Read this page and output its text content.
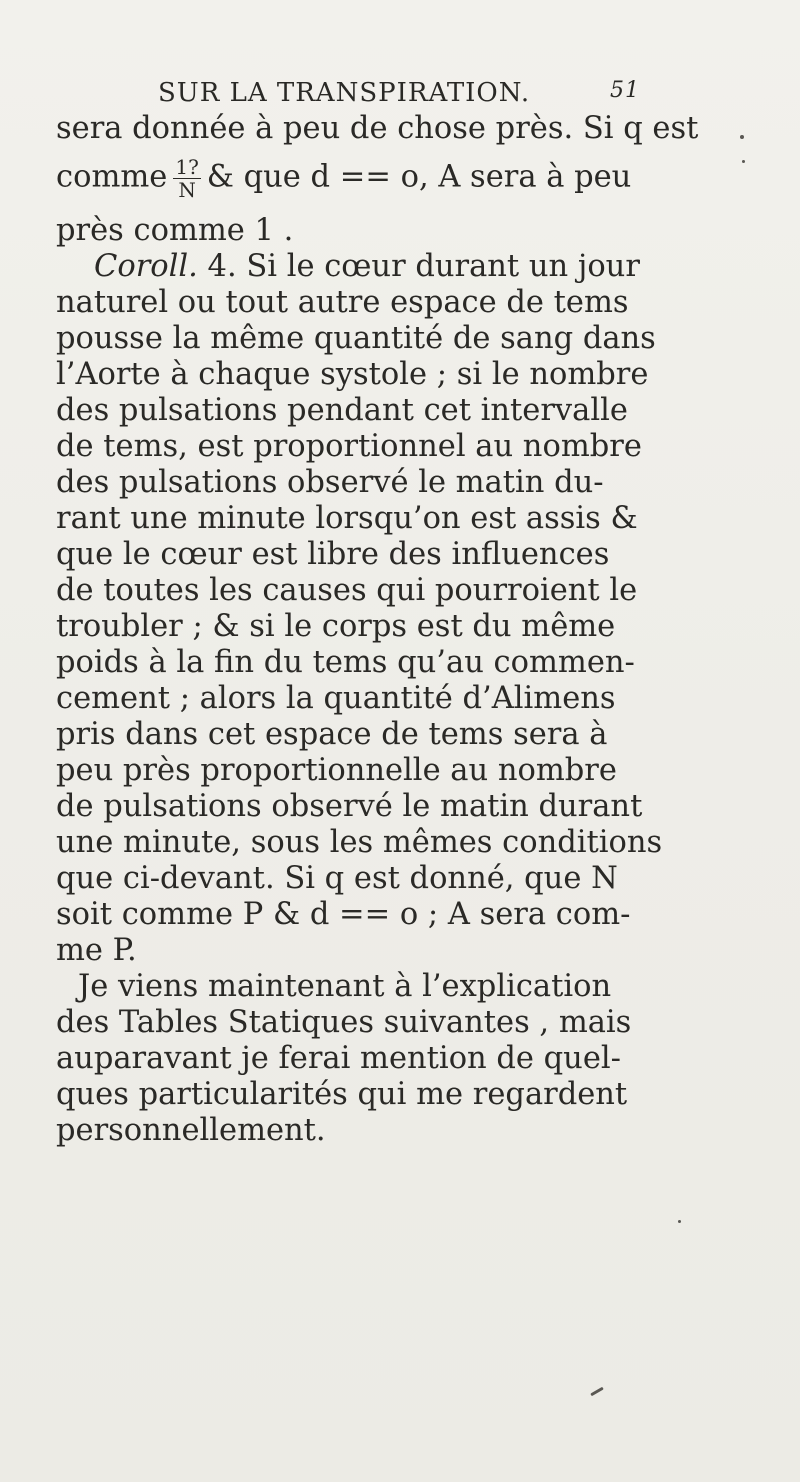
SUR LA TRANSPIRATION.	51
sera donnée à peu de chose près. Si q est
comme $\frac{1?}{N}$ & que d == o, A sera à peu
près comme 1 .
Coroll. 4. Si le cœur durant un jour
naturel ou tout autre espace de tems
pousse la même quantité de sang dans
l’Aorte à chaque systole ; si le nombre
des pulsations pendant cet intervalle
de tems, est proportionnel au nombre
des pulsations observé le matin du-
rant une minute lorsqu’on est assis &
que le cœur est libre des influences
de toutes les causes qui pourroient le
troubler ; & si le corps est du même
poids à la fin du tems qu’au commen-
cement ; alors la quantité d’Alimens
pris dans cet espace de tems sera à
peu près proportionnelle au nombre
de pulsations observé le matin durant
une minute, sous les mêmes conditions
que ci-devant. Si q est donné, que N
soit comme P & d == o ; A sera com-
me P.
Je viens maintenant à l’explication
des Tables Statiques suivantes , mais
auparavant je ferai mention de quel-
ques particularités qui me regardent
personnellement.
